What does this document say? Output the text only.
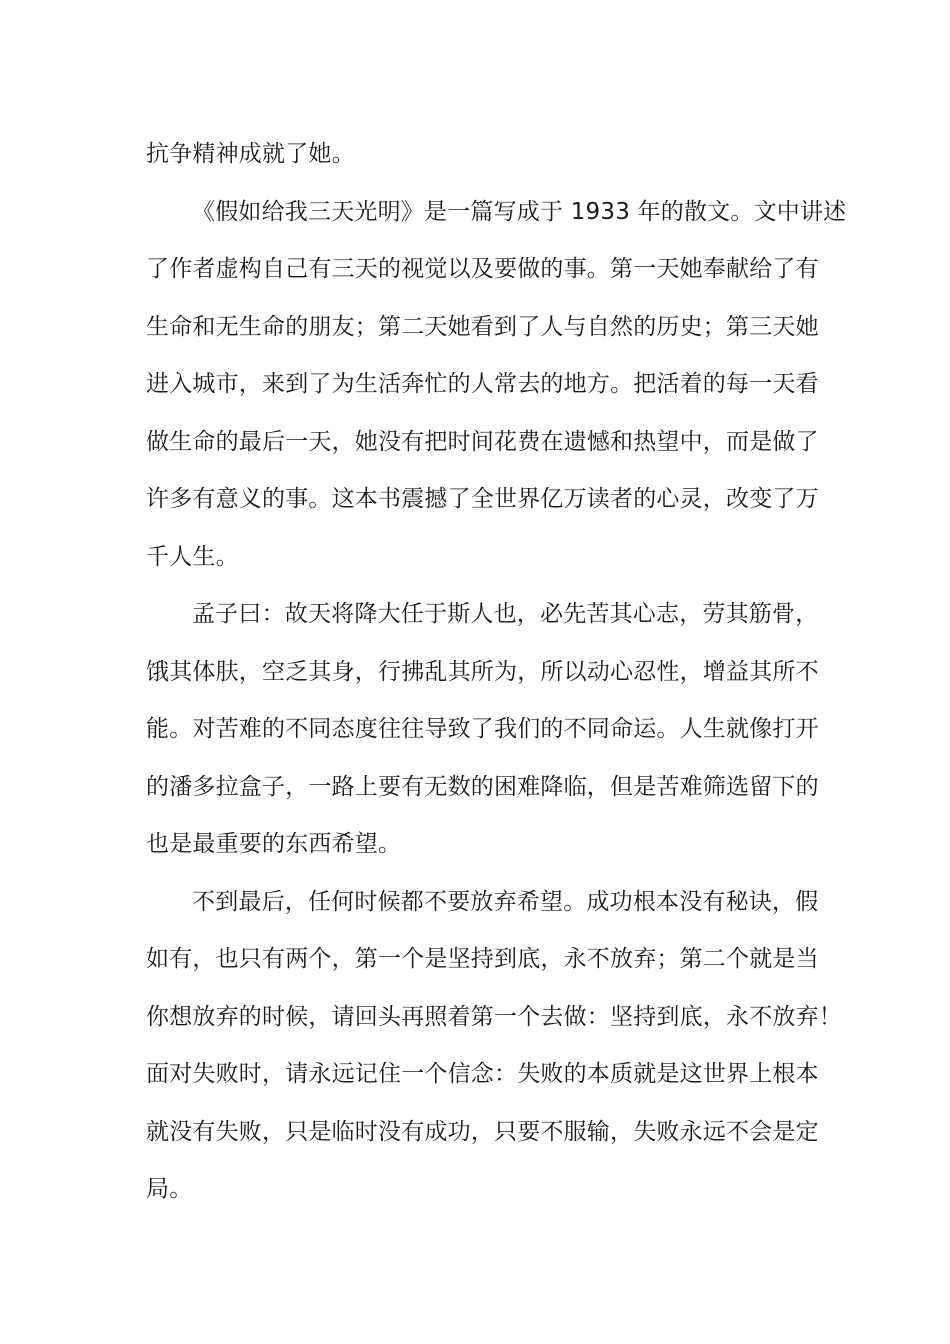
抗争精神成就了她。

《假如给我三天光明》是一篇写成于 1933 年的散文。文中讲述
了作者虚构自己有三天的视觉以及要做的事。第一天她奉献给了有
生命和无生命的朋友；第二天她看到了人与自然的历史；第三天她
进入城市，来到了为生活奔忙的人常去的地方。把活着的每一天看
做生命的最后一天，她没有把时间花费在遗憾和热望中，而是做了
许多有意义的事。这本书震撼了全世界亿万读者的心灵，改变了万
千人生。

孟子曰：故天将降大任于斯人也，必先苦其心志，劳其筋骨，
饿其体肤，空乏其身，行拂乱其所为，所以动心忍性，增益其所不
能。对苦难的不同态度往往导致了我们的不同命运。人生就像打开
的潘多拉盒子，一路上要有无数的困难降临，但是苦难筛选留下的
也是最重要的东西希望。

不到最后，任何时候都不要放弃希望。成功根本没有秘诀，假
如有，也只有两个，第一个是坚持到底，永不放弃；第二个就是当
你想放弃的时候，请回头再照着第一个去做：坚持到底，永不放弃！
面对失败时，请永远记住一个信念：失败的本质就是这世界上根本
就没有失败，只是临时没有成功，只要不服输，失败永远不会是定
局。
